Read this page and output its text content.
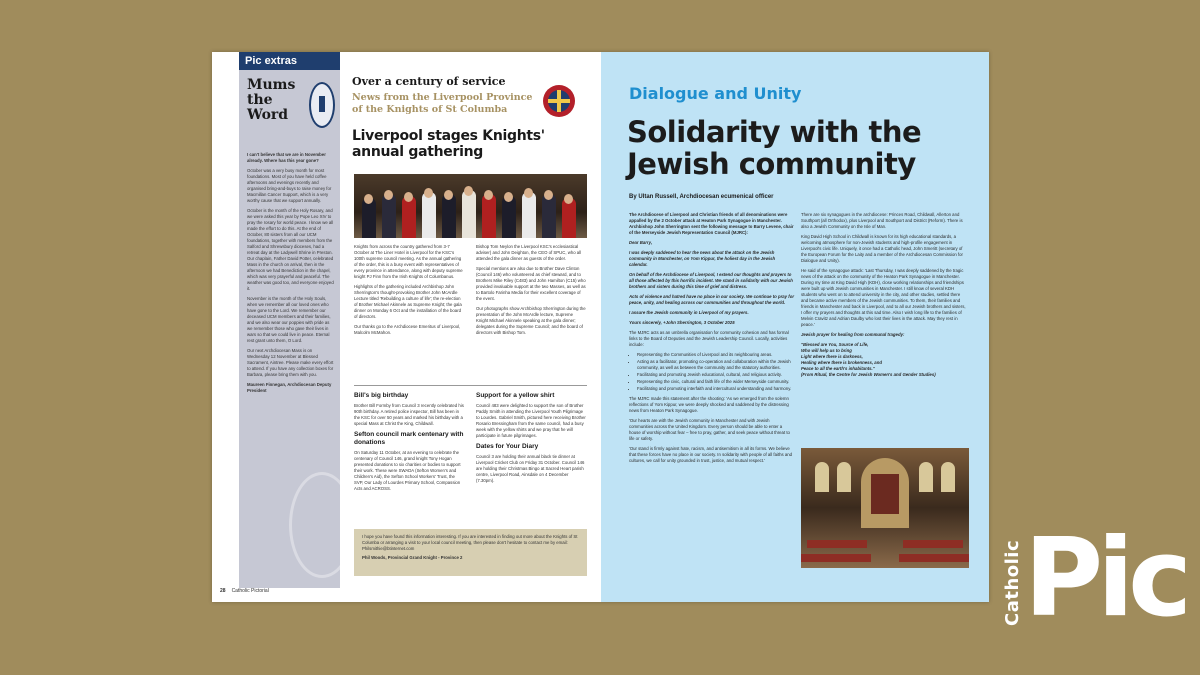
Pic extras
Mums the Word

I can't believe that we are in November already. Where has this year gone?

October was a very busy month for most foundations. Most of you have held coffee afternoons and evenings recently and organised bring-and-buys to raise money for Macmillan Cancer Support, which is a very worthy cause that we support annually.

October is the month of the Holy Rosary, and we were asked this year by Pope Leo XIV to pray the rosary for world peace. I know we all made the effort to do this. At the end of October, 80 sisters from all our UCM foundations, together with members from the Salford and Shrewsbury dioceses, had a retreat day at the Ladywell Shrine in Preston. Our chaplain, Father David Potter, celebrated Mass in the church on arrival, then in the afternoon we had Benediction in the chapel, which was very prayerful and peaceful. The weather was good too, and everyone enjoyed it.

November is the month of the Holy Souls, when we remember all our loved ones who have gone to the Lord. We remember our deceased UCM members and their families, and we also wear our poppies with pride as we remember those who gave their lives in wars so that we could live in peace. Eternal rest grant unto them, O Lord.

Our next Archdiocesan Mass is on Wednesday 12 November at Blessed Sacrament, Aintree. Please make every effort to attend. If you have any collection boxes for Barbara, please bring them with you.

Maureen Finnegan, Archdiocesan Deputy President

28 Catholic Pictorial
Over a century of service
News from the Liverpool Province of the Knights of St Columba
Liverpool stages Knights' annual gathering

Knights from across the country gathered from 3-7 October at The Liner Hotel in Liverpool for the KSC's 100th supreme council meeting. As the annual gathering of the order, this is a busy event with representatives of every province in attendance, along with deputy supreme knight PJ Finn from the Irish Knights of Columbanus.

Highlights of the gathering included Archbishop John Sherrington's thought-provoking Brother John McArdle Lecture titled 'Rebuilding a culture of life'; the re-election of Brother Michael Akinnele as Supreme Knight; the gala dinner on Monday 6 Oct and the installation of the board of directors.

Our thanks go to the Archdiocese Emeritus of Liverpool, Malcolm McMahon.

Bishop Tom Neylon the Liverpool KSC's ecclesiastical adviser) and John Deighton, the CEO of SPUC, who all attended the gala dinner as guests of the order.

Special mentions are also due to Brother Dave Clinton (Council 146) who volunteered as chief steward, and to Brothers Mike Riley (C483) and John Hamilton (C15) who provided invaluable support at the two Masses, as well as to Bartolo Farinha Media for their excellent coverage of the event.

Our photographs show Archbishop Sherrington during the presentation of the John McArdle lecture, Supreme Knight Michael Akinnele speaking at the gala dinner; delegates during the Supreme Council; and the board of directors with Bishop Tom.

Bill's big birthday

Brother Bill Formby from Council 3 recently celebrated his 90th birthday. A retired police inspector, Bill has been in the KSC for over 50 years and marked his birthday with a special Mass at Christ the King, Childwall.

Sefton council mark centenary with donations

On Saturday 11 October, at an evening to celebrate the centenary of Council 146, grand knight Tony Hogan presented donations to six charities or bodies to support their work. These were SWADA (Sefton Women's and Children's Aid), the Sefton School Workers' Trust, the SVP, Our Lady of Lourdes Primary School, Compassion Acts and ACROSS.

Support for a yellow shirt

Council 483 were delighted to support the son of Brother Paddy Smith in attending the Liverpool Youth Pilgrimage to Lourdes. Gabriel Smith, pictured here receiving Brother Rosario Bressingham from the same council, had a busy week with the yellow shirts and we pray that he will participate in future pilgrimages.

Dates for Your Diary

Council 3 are holding their annual black tie dinner at Liverpool Cricket Club on Friday 31 October. Council 146 are holding their Christmas Bingo at Sacred Heart parish centre, Liverpool Road, Ainsdale on 4 December (7.30pm).

I hope you have found this information interesting. If you are interested in finding out more about the Knights of St Columba or arranging a visit to your local council meeting, then please don't hesitate to contact me by email: Philsmithie@btinternet.com
Phil Woods, Provincial Grand Knight - Province 2
Dialogue and Unity
Solidarity with the Jewish community
By Ultan Russell, Archdiocesan ecumenical officer

The Archdiocese of Liverpool and Christian friends of all denominations were appalled by the 2 October attack at Heaton Park Synagogue in Manchester. Archbishop John Sherrington sent the following message to Barry Levene, chair of the Merseyside Jewish Representation Council (MJRC):

Dear Barry,

I was deeply saddened to hear the news about the attack on the Jewish community in Manchester, on Yom Kippur, the holiest day in the Jewish calendar.

On behalf of the Archdiocese of Liverpool, I extend our thoughts and prayers to all those affected by this horrific incident. We stand in solidarity with our Jewish brothers and sisters during this time of grief and distress.

Acts of violence and hatred have no place in our society. We continue to pray for peace, unity, and healing across our communities and throughout the world.

I assure the Jewish community in Liverpool of my prayers.

Yours sincerely, +John Sherrington, 3 October 2025

The MJRC acts as an umbrella organisation for community cohesion and has formal links to the Board of Deputies and the Jewish Leadership Council. Locally, activities include:

• Representing the Communities of Liverpool and its neighbouring areas.
• Acting as a facilitator, promoting co-operation and collaboration within the Jewish community, as well as between the community and the statutory authorities.
• Facilitating and promoting Jewish educational, cultural, and religious activity.
• Representing the civic, cultural and faith life of the wider Merseyside community.
• Facilitating and promoting interfaith and intercultural understanding and harmony.

The MJRC made this statement after the shooting: 'As we emerged from the solemn reflections of Yom Kippur, we were deeply shocked and saddened by the distressing news from Heaton Park Synagogue.

'Our hearts are with the Jewish community in Manchester and with Jewish communities across the United Kingdom. Every person should be able to enter a house of worship without fear – free to pray, gather, and seek peace without threat to life or safety.

'Our stand is firmly against hate, racism, and antisemitism in all its forms. We believe that these forces have no place in our society. In solidarity with people of all faiths and cultures, we call for unity grounded in trust, justice, and mutual respect.'

There are six synagogues in the archdiocese: Princes Road, Childwall, Allerton and Southport (all Orthodox), plus Liverpool and Southport and District (Reform). There is also a Jewish Community on the Isle of Man.

King David High School in Childwall is known for its high educational standards, a welcoming atmosphere for non-Jewish students and high-profile engagement in Liverpool's civic life. Uniquely, it once had a Catholic head, John Smeritt (secretary of the European Forum for the Laity and a member of the Archdiocesan Commission for Dialogue and Unity).

He said of the synagogue attack: 'Last Thursday, I was deeply saddened by the tragic news of the attack on the community of the Heaton Park Synagogue in Manchester. During my time at King David High (KDH), close working relationships and friendships were built up with Jewish communities in Manchester. I still know of several KDH students who went on to attend university in the city, and other studies, settled there and became active members of the Jewish communities. To them, their families and friends in Manchester and back in Liverpool, and to all our Jewish brothers and sisters, I offer my prayers and thoughts at this sad time. Also I wish long life to the families of Melvin Cravitz and Adrian Daulby who lost their lives in the attack. May they rest in peace.'

Jewish prayer for healing from communal tragedy:

"Blessed are You, Source of Life,
Who will help us to bring
Light where there is darkness,
Healing where there is brokenness, and
Peace to all the earth's inhabitants."
(From Ritual, the Centre for Jewish Women's and Gender Studies)
Catholic Pic
